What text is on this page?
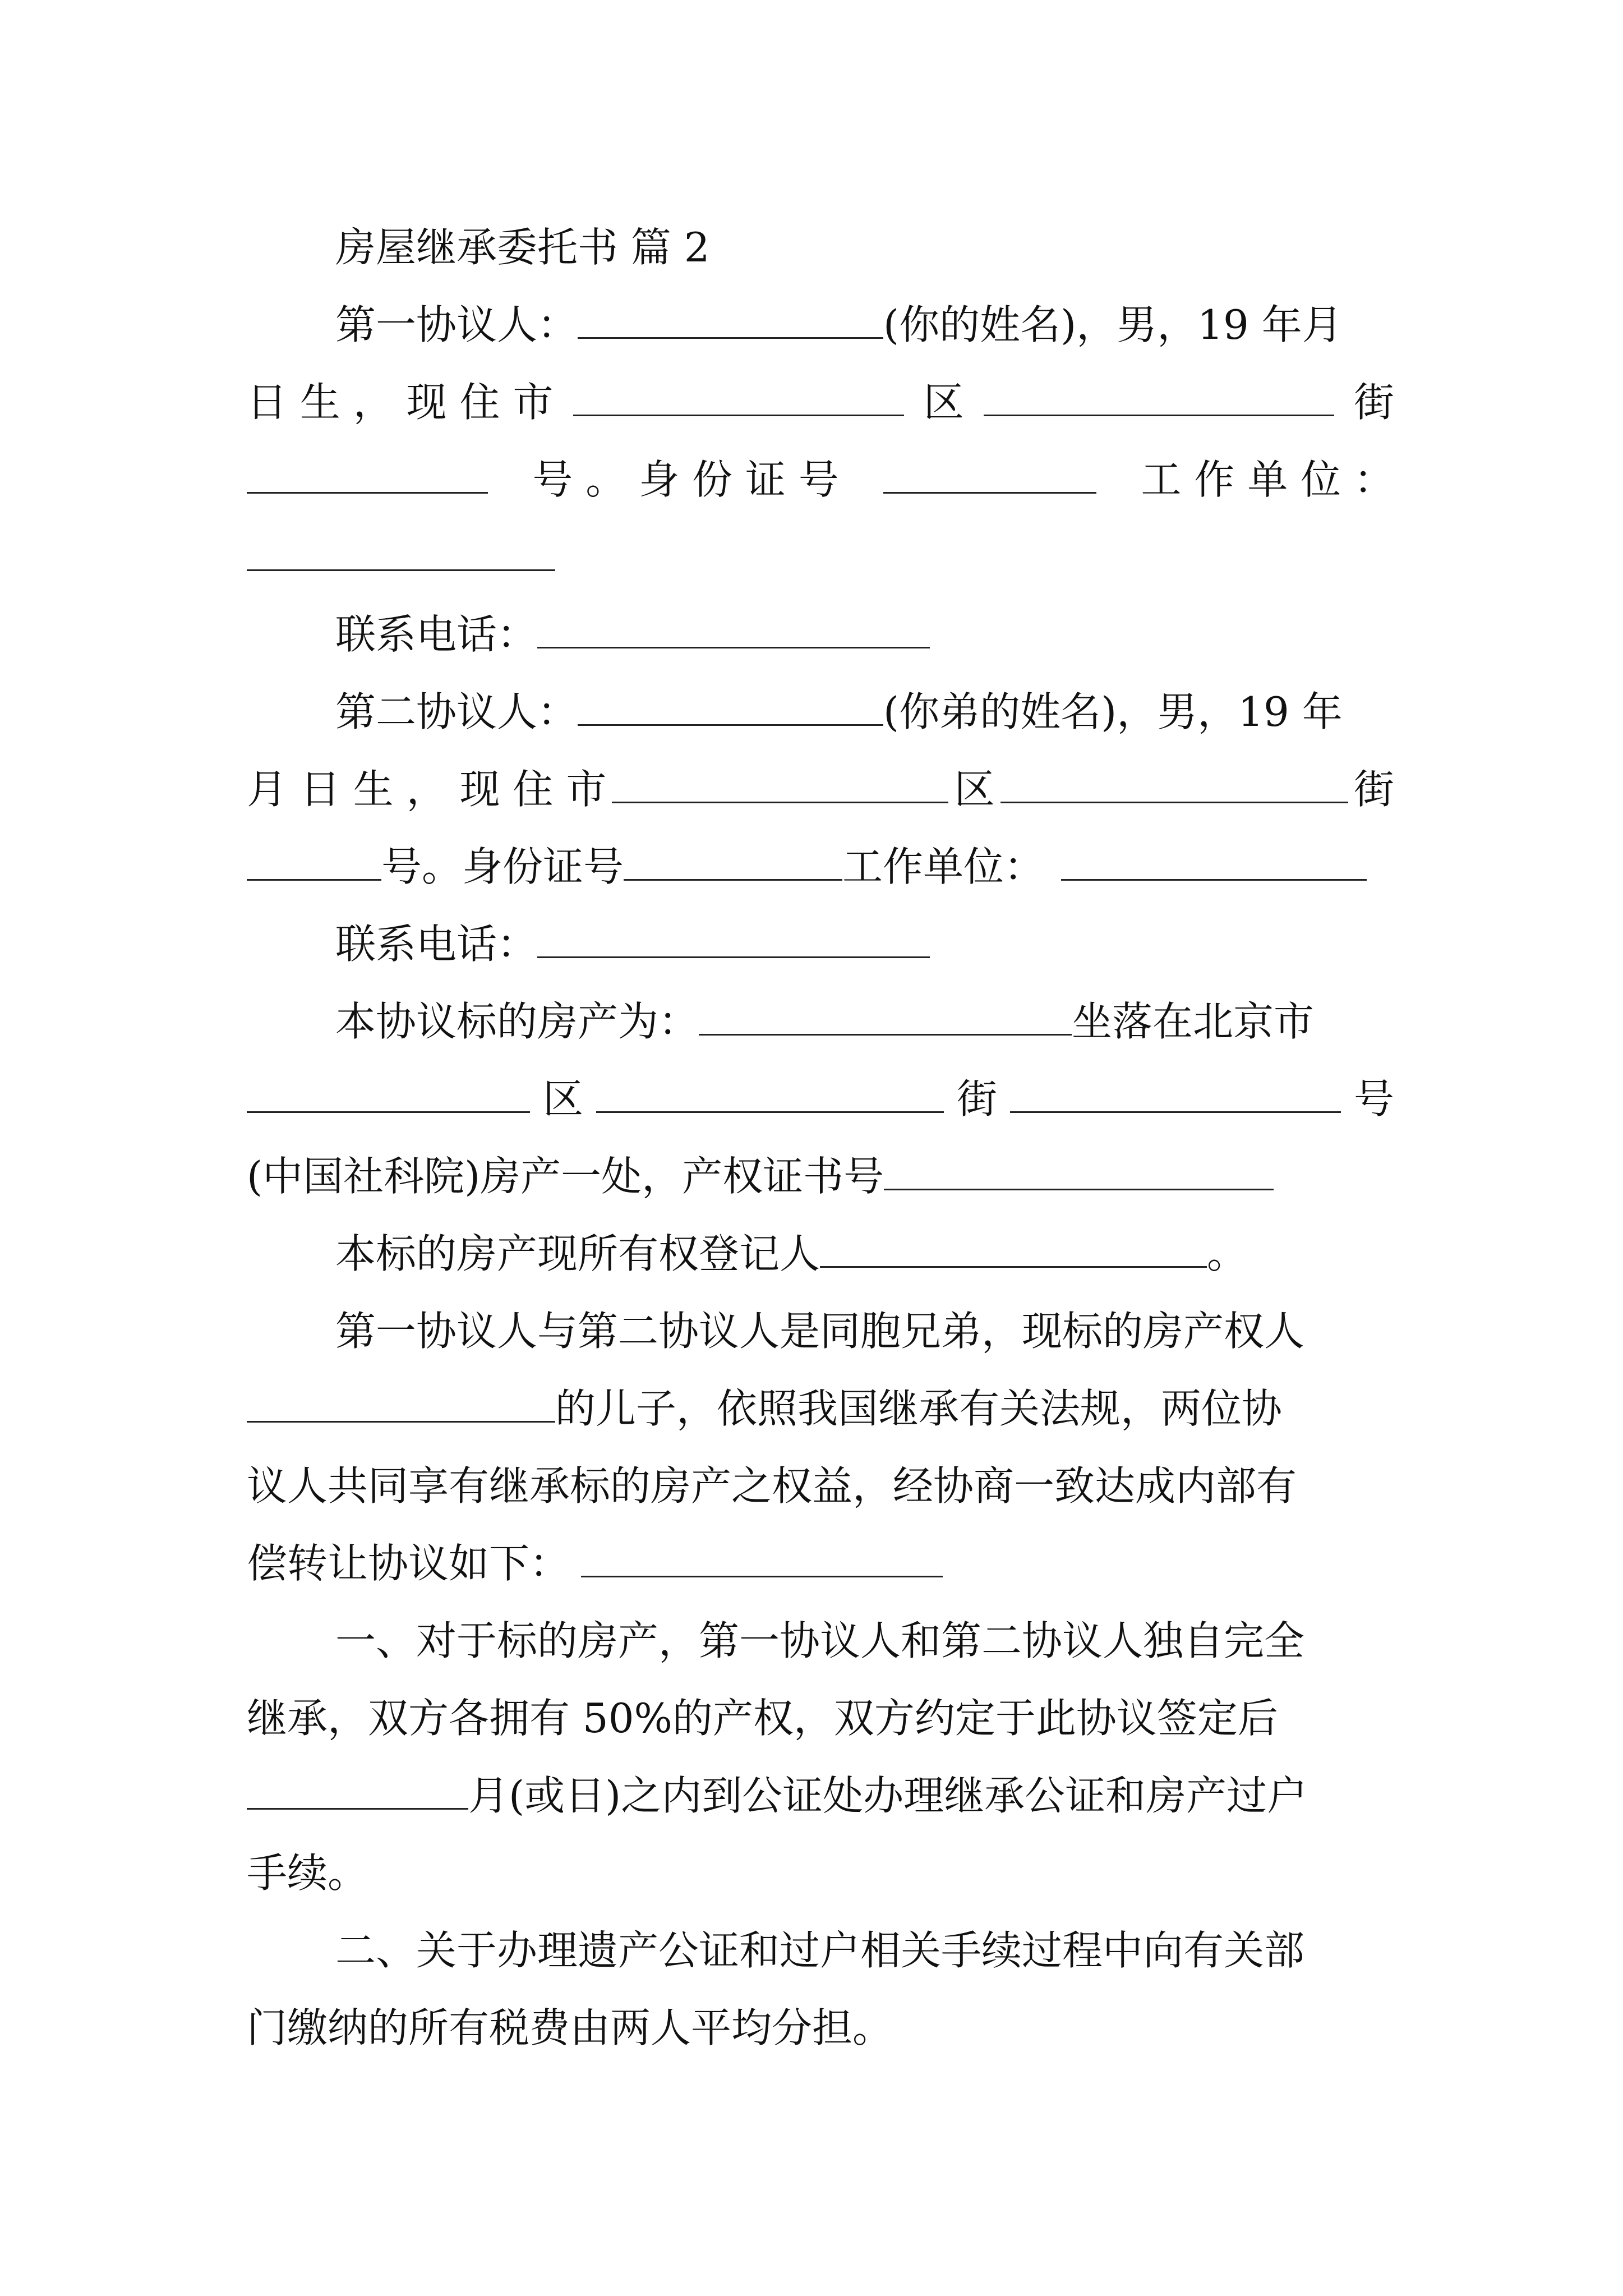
房屋继承委托书 篇 2
第一协议人：	(你的姓名)，男，19 年月
日 生 ， 现 住 市	区	街
号 。 身 份 证 号	工 作 单 位 ：
联系电话：
第二协议人：	(你弟的姓名)，男，19 年
月 日 生 ， 现 住 市	区	街
号。身份证号	工作单位：
联系电话：
本协议标的房产为：	坐落在北京市
区	街	号
(中国社科院)房产一处，产权证书号
本标的房产现所有权登记人	。
第一协议人与第二协议人是同胞兄弟，现标的房产权人
的儿子，依照我国继承有关法规，两位协
议人共同享有继承标的房产之权益，经协商一致达成内部有
偿转让协议如下：
一、对于标的房产，第一协议人和第二协议人独自完全
继承，双方各拥有 50%的产权，双方约定于此协议签定后
月(或日)之内到公证处办理继承公证和房产过户
手续。
二、关于办理遗产公证和过户相关手续过程中向有关部
门缴纳的所有税费由两人平均分担。
